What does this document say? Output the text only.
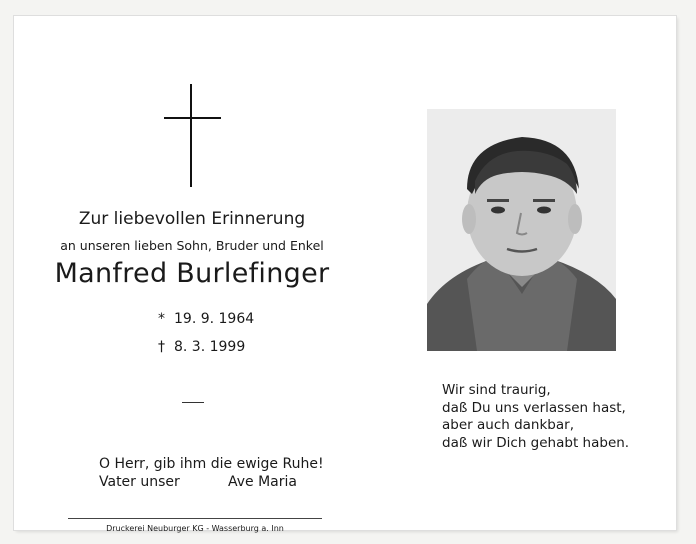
Zur liebevollen Erinnerung
an unseren lieben Sohn, Bruder und Enkel
Manfred Burlefinger
* 19. 9. 1964
† 8. 3. 1999
O Herr, gib ihm die ewige Ruhe!
Vater unser	Ave Maria
Druckerei Neuburger KG - Wasserburg a. Inn
Wir sind traurig,
daß Du uns verlassen hast,
aber auch dankbar,
daß wir Dich gehabt haben.
